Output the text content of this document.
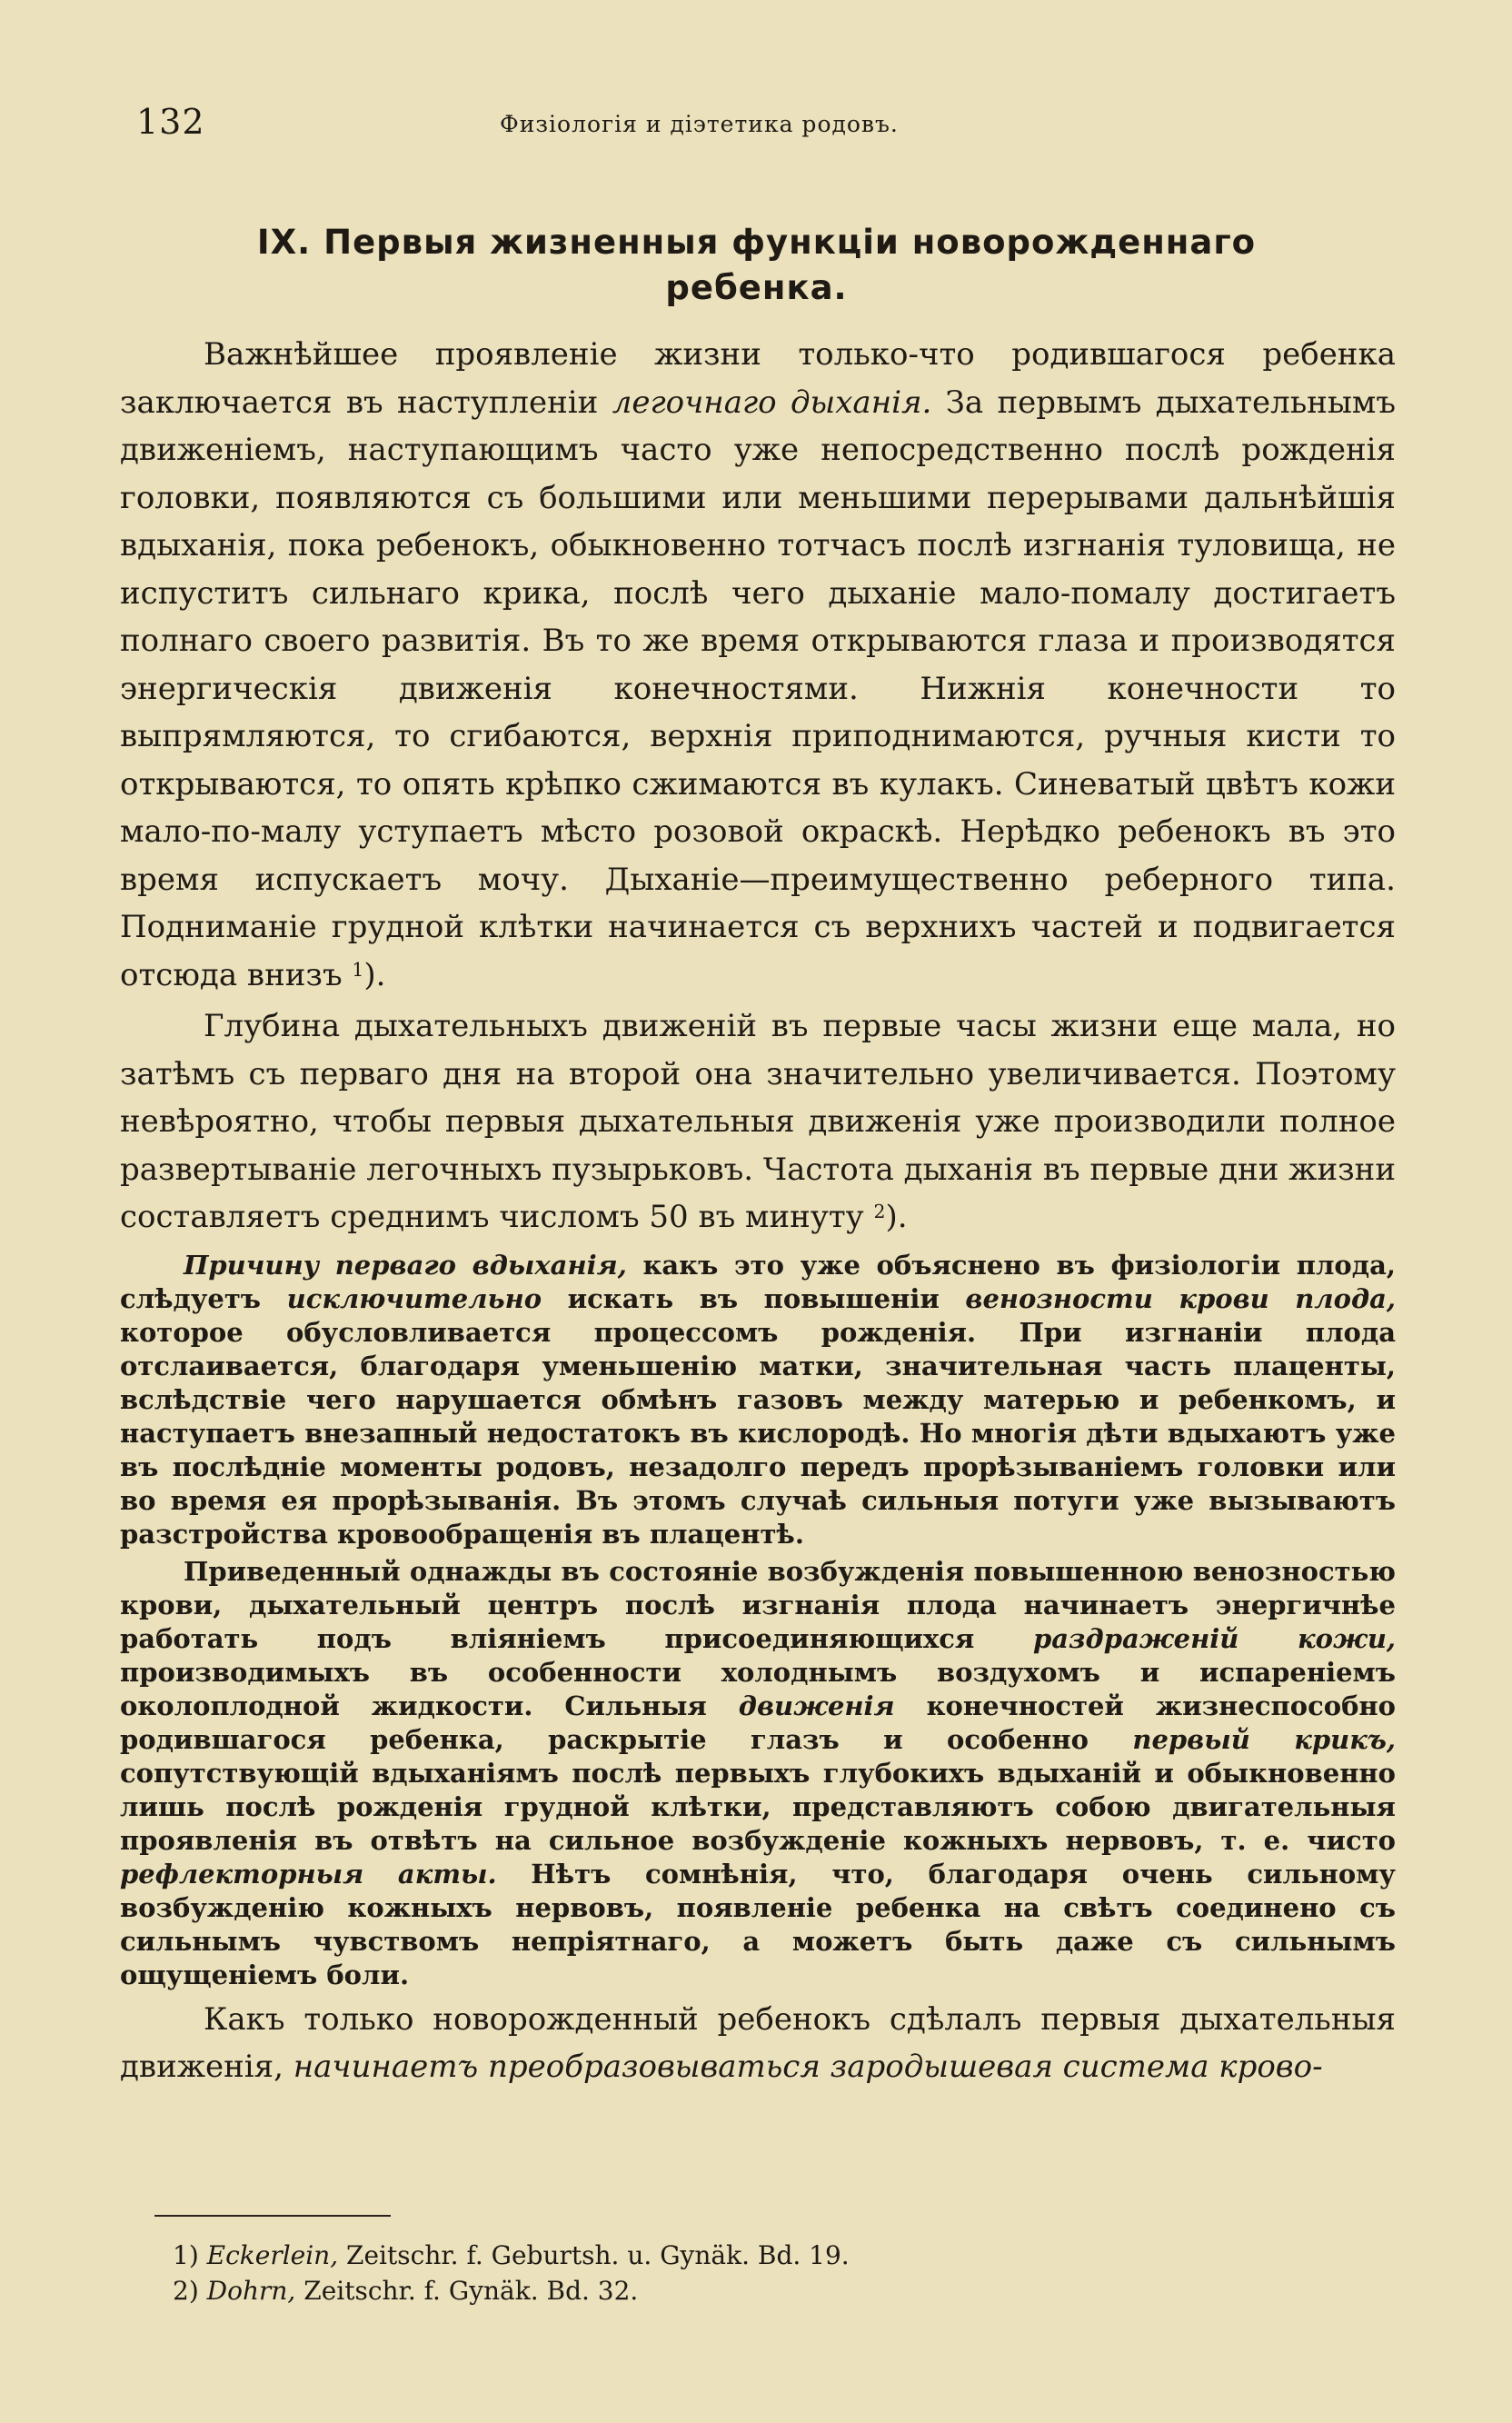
132	Физіологія и діэтетика родовъ.
IX. Первыя жизненныя функціи новорожденнаго ребенка.

Важнѣйшее проявленіе жизни только-что родившагося ребенка заключается въ наступленіи легочнаго дыханія. За первымъ дыхательнымъ движеніемъ, наступающимъ часто уже непосредственно послѣ рожденія головки, появляются съ большими или меньшими перерывами дальнѣйшія вдыханія, пока ребенокъ, обыкновенно тотчасъ послѣ изгнанія туловища, не испуститъ сильнаго крика, послѣ чего дыханіе мало-помалу достигаетъ полнаго своего развитія. Въ то же время открываются глаза и производятся энергическія движенія конечностями. Нижнія конечности то выпрямляются, то сгибаются, верхнія приподнимаются, ручныя кисти то открываются, то опять крѣпко сжимаются въ кулакъ. Синеватый цвѣтъ кожи мало-по-малу уступаетъ мѣсто розовой окраскѣ. Нерѣдко ребенокъ въ это время испускаетъ мочу. Дыханіе—преимущественно реберного типа. Подниманіе грудной клѣтки начинается съ верхнихъ частей и подвигается отсюда внизъ $^1$).

Глубина дыхательныхъ движеній въ первые часы жизни еще мала, но затѣмъ съ перваго дня на второй она значительно увеличивается. Поэтому невѣроятно, чтобы первыя дыхательныя движенія уже производили полное развертываніе легочныхъ пузырьковъ. Частота дыханія въ первые дни жизни составляетъ среднимъ числомъ 50 въ минуту $^2$).

Причину перваго вдыханія, какъ это уже объяснено въ физіологіи плода, слѣдуетъ исключительно искать въ повышеніи венозности крови плода, которое обусловливается процессомъ рожденія. При изгнаніи плода отслаивается, благодаря уменьшенію матки, значительная часть плаценты, вслѣдствіе чего нарушается обмѣнъ газовъ между матерью и ребенкомъ, и наступаетъ внезапный недостатокъ въ кислородѣ. Но многія дѣти вдыхаютъ уже въ послѣдніе моменты родовъ, незадолго передъ прорѣзываніемъ головки или во время ея прорѣзыванія. Въ этомъ случаѣ сильныя потуги уже вызываютъ разстройства кровообращенія въ плацентѣ.

Приведенный однажды въ состояніе возбужденія повышенною венозностью крови, дыхательный центръ послѣ изгнанія плода начинаетъ энергичнѣе работать подъ вліяніемъ присоединяющихся раздраженій кожи, производимыхъ въ особенности холоднымъ воздухомъ и испареніемъ околоплодной жидкости. Сильныя движенія конечностей жизнеспособно родившагося ребенка, раскрытіе глазъ и особенно первый крикъ, сопутствующій вдыханіямъ послѣ первыхъ глубокихъ вдыханій и обыкновенно лишь послѣ рожденія грудной клѣтки, представляютъ собою двигательныя проявленія въ отвѣтъ на сильное возбужденіе кожныхъ нервовъ, т. е. чисто рефлекторныя акты. Нѣтъ сомнѣнія, что, благодаря очень сильному возбужденію кожныхъ нервовъ, появленіе ребенка на свѣтъ соединено съ сильнымъ чувствомъ непріятнаго, а можетъ быть даже съ сильнымъ ощущеніемъ боли.

Какъ только новорожденный ребенокъ сдѣлалъ первыя дыхательныя движенія, начинаетъ преобразовываться зародышевая система крово-

1) Eckerlein, Zeitschr. f. Geburtsh. u. Gynäk. Bd. 19.

2) Dohrn, Zeitschr. f. Gynäk. Bd. 32.
